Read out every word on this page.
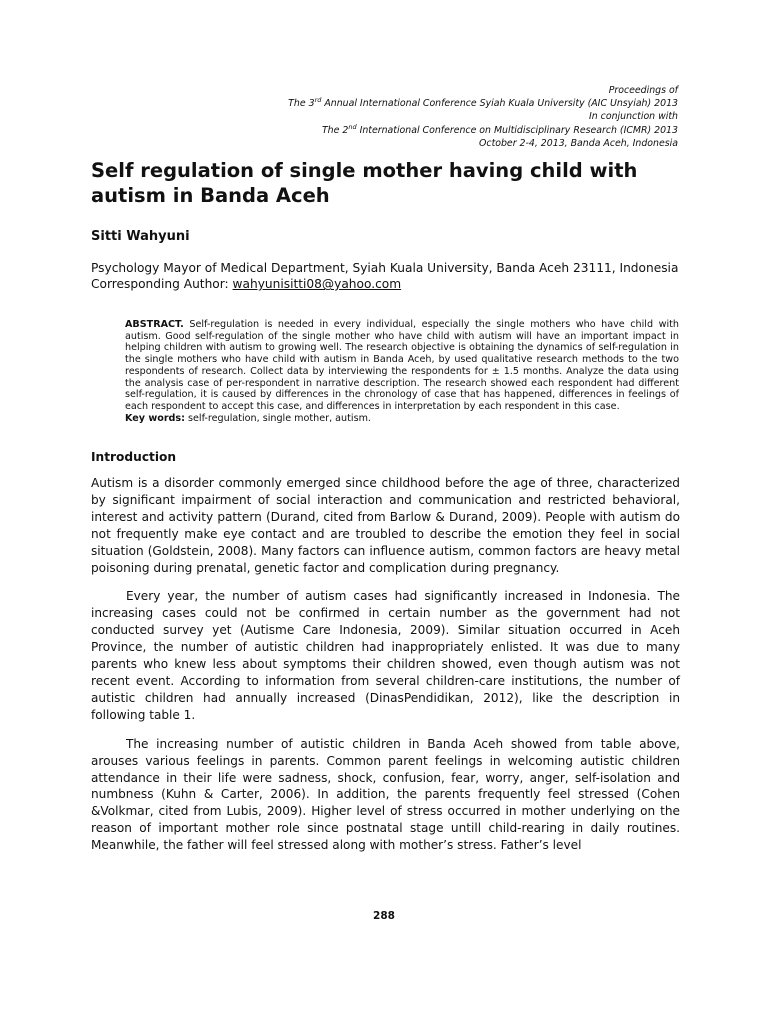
Proceedings of
The 3rd Annual International Conference Syiah Kuala University (AIC Unsyiah) 2013
In conjunction with
The 2nd International Conference on Multidisciplinary Research (ICMR) 2013
October 2-4, 2013, Banda Aceh, Indonesia
Self regulation of single mother having child with autism in Banda Aceh
Sitti Wahyuni
Psychology Mayor of Medical Department, Syiah Kuala University, Banda Aceh 23111, Indonesia
Corresponding Author: wahyunisitti08@yahoo.com
ABSTRACT. Self-regulation is needed in every individual, especially the single mothers who have child with autism. Good self-regulation of the single mother who have child with autism will have an important impact in helping children with autism to growing well. The research objective is obtaining the dynamics of self-regulation in the single mothers who have child with autism in Banda Aceh, by used qualitative research methods to the two respondents of research. Collect data by interviewing the respondents for ± 1.5 months. Analyze the data using the analysis case of per-respondent in narrative description. The research showed each respondent had different self-regulation, it is caused by differences in the chronology of case that has happened, differences in feelings of each respondent to accept this case, and differences in interpretation by each respondent in this case.
Key words: self-regulation, single mother, autism.
Introduction

Autism is a disorder commonly emerged since childhood before the age of three, characterized by significant impairment of social interaction and communication and restricted behavioral, interest and activity pattern (Durand, cited from Barlow & Durand, 2009). People with autism do not frequently make eye contact and are troubled to describe the emotion they feel in social situation (Goldstein, 2008). Many factors can influence autism, common factors are heavy metal poisoning during prenatal, genetic factor and complication during pregnancy.

Every year, the number of autism cases had significantly increased in Indonesia. The increasing cases could not be confirmed in certain number as the government had not conducted survey yet (Autisme Care Indonesia, 2009). Similar situation occurred in Aceh Province, the number of autistic children had inappropriately enlisted. It was due to many parents who knew less about symptoms their children showed, even though autism was not recent event. According to information from several children-care institutions, the number of autistic children had annually increased (DinasPendidikan, 2012), like the description in following table 1.

The increasing number of autistic children in Banda Aceh showed from table above, arouses various feelings in parents. Common parent feelings in welcoming autistic children attendance in their life were sadness, shock, confusion, fear, worry, anger, self-isolation and numbness (Kuhn & Carter, 2006). In addition, the parents frequently feel stressed (Cohen &Volkmar, cited from Lubis, 2009). Higher level of stress occurred in mother underlying on the reason of important mother role since postnatal stage untill child-rearing in daily routines. Meanwhile, the father will feel stressed along with mother’s stress. Father’s level

288
